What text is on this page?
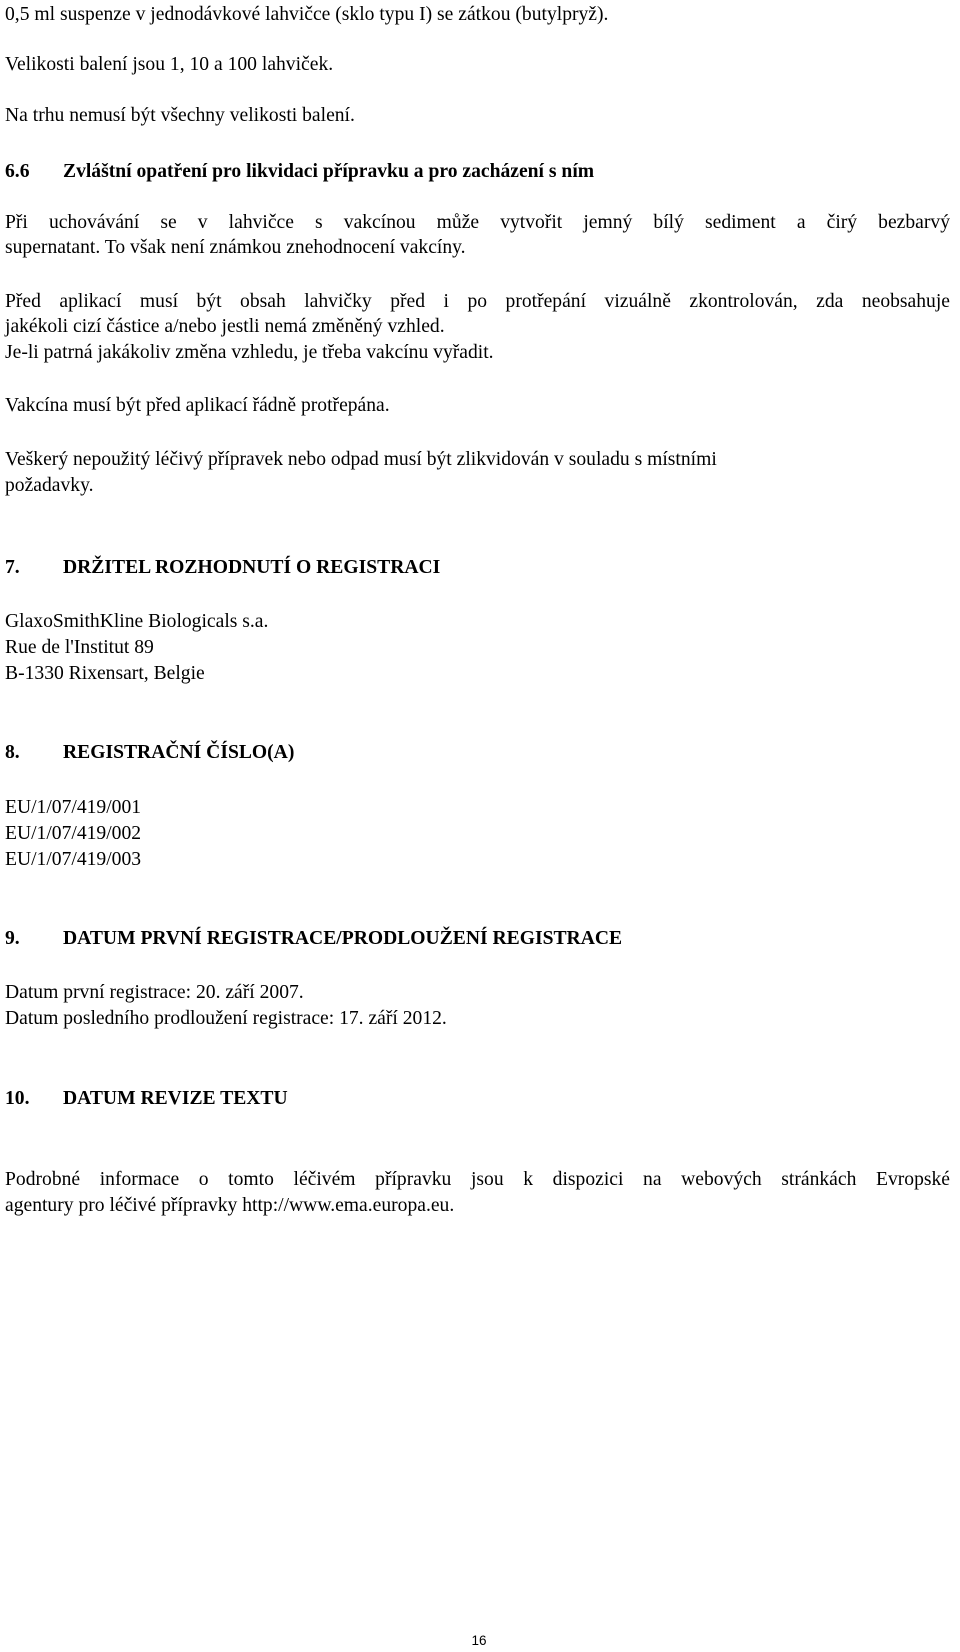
0,5 ml suspenze v jednodávkové lahvičce (sklo typu I) se zátkou (butylpryž).
Velikosti balení jsou 1, 10 a 100 lahviček.
Na trhu nemusí být všechny velikosti balení.
6.6 Zvláštní opatření pro likvidaci přípravku a pro zacházení s ním
Při uchovávání se v lahvičce s vakcínou může vytvořit jemný bílý sediment a čirý bezbarvý
supernatant. To však není známkou znehodnocení vakcíny.
Před aplikací musí být obsah lahvičky před i po protřepání vizuálně zkontrolován, zda neobsahuje
jakékoli cizí částice a/nebo jestli nemá změněný vzhled.
Je-li patrná jakákoliv změna vzhledu, je třeba vakcínu vyřadit.
Vakcína musí být před aplikací řádně protřepána.
Veškerý nepoužitý léčivý přípravek nebo odpad musí být zlikvidován v souladu s místními
požadavky.
7. DRŽITEL ROZHODNUTÍ O REGISTRACI
GlaxoSmithKline Biologicals s.a.
Rue de l'Institut 89
B-1330 Rixensart, Belgie
8. REGISTRAČNÍ ČÍSLO(A)
EU/1/07/419/001
EU/1/07/419/002
EU/1/07/419/003
9. DATUM PRVNÍ REGISTRACE/PRODLOUŽENÍ REGISTRACE
Datum první registrace: 20. září 2007.
Datum posledního prodloužení registrace: 17. září 2012.
10. DATUM REVIZE TEXTU
Podrobné informace o tomto léčivém přípravku jsou k dispozici na webových stránkách Evropské
agentury pro léčivé přípravky http://www.ema.europa.eu.
16
